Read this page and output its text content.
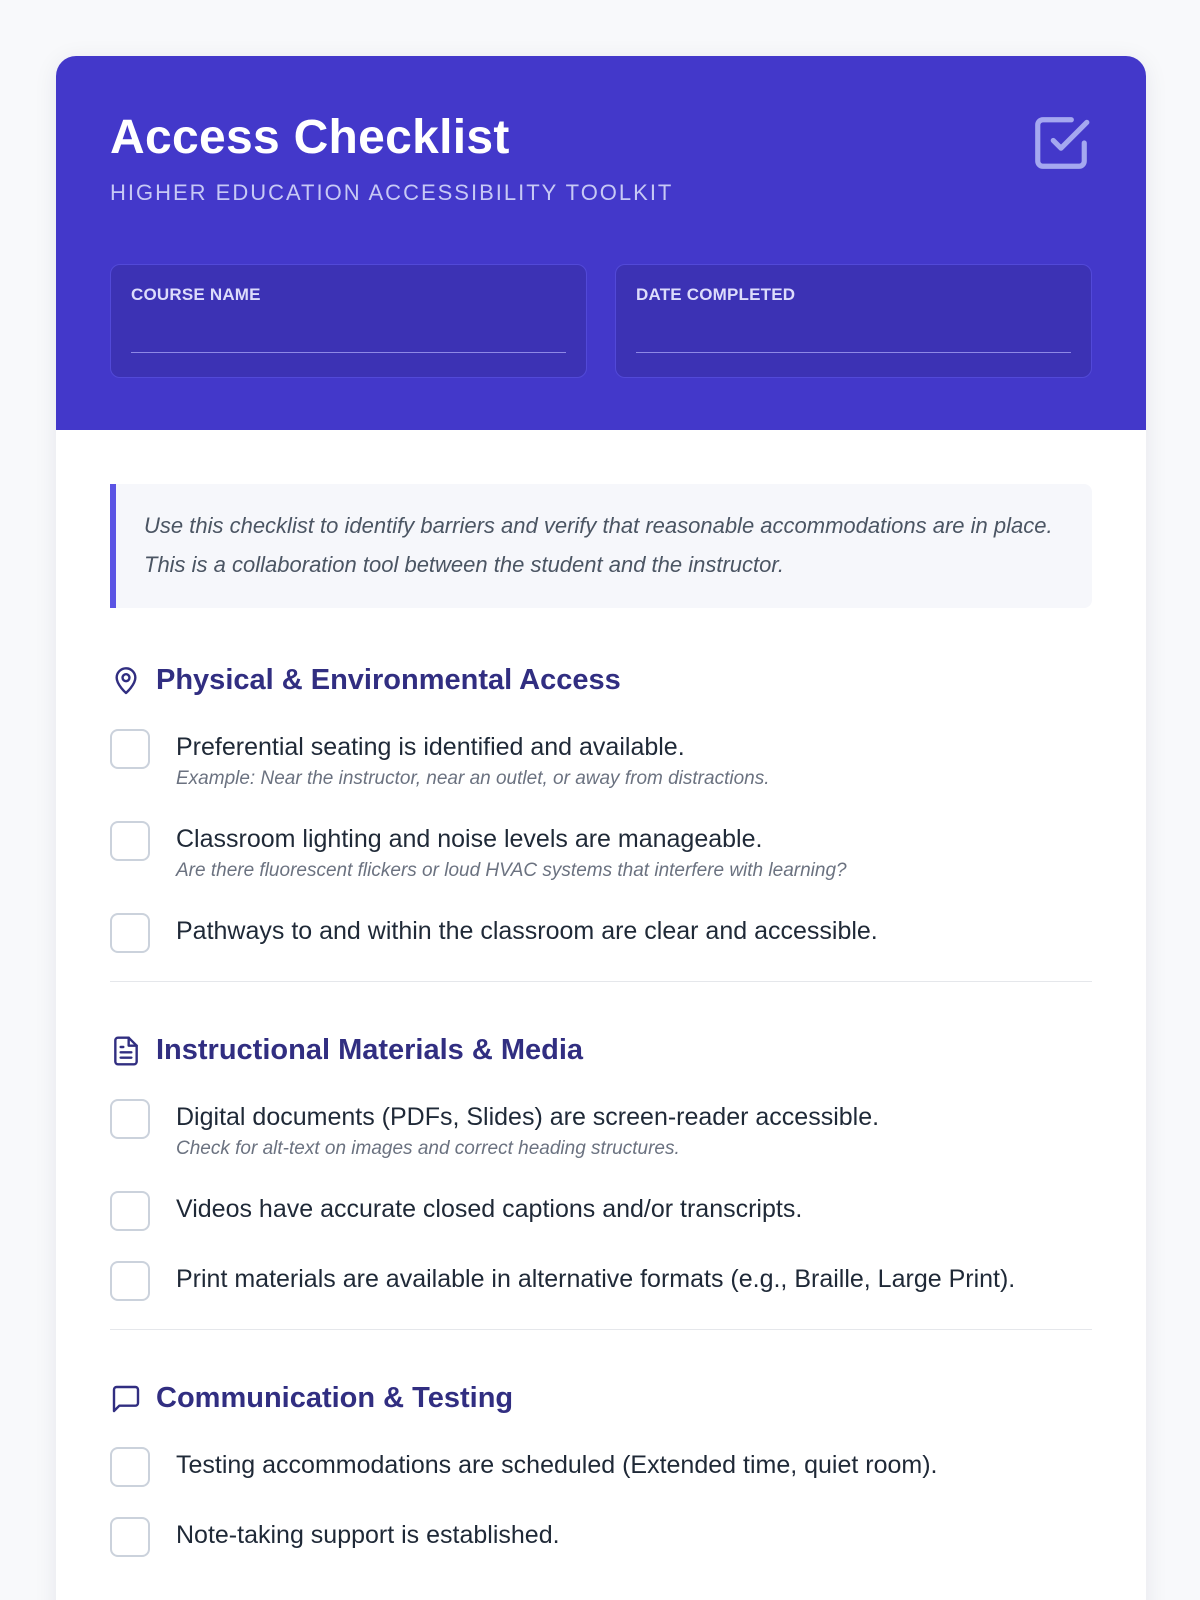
Access Checklist
HIGHER EDUCATION ACCESSIBILITY TOOLKIT
COURSE NAME	DATE COMPLETED

Use this checklist to identify barriers and verify that reasonable accommodations are in place. This is a collaboration tool between the student and the instructor.

Physical & Environmental Access
Preferential seating is identified and available.
Example: Near the instructor, near an outlet, or away from distractions.
Classroom lighting and noise levels are manageable.
Are there fluorescent flickers or loud HVAC systems that interfere with learning?
Pathways to and within the classroom are clear and accessible.
Instructional Materials & Media
Digital documents (PDFs, Slides) are screen-reader accessible.
Check for alt-text on images and correct heading structures.
Videos have accurate closed captions and/or transcripts.
Print materials are available in alternative formats (e.g., Braille, Large Print).
Communication & Testing
Testing accommodations are scheduled (Extended time, quiet room).
Note-taking support is established.
